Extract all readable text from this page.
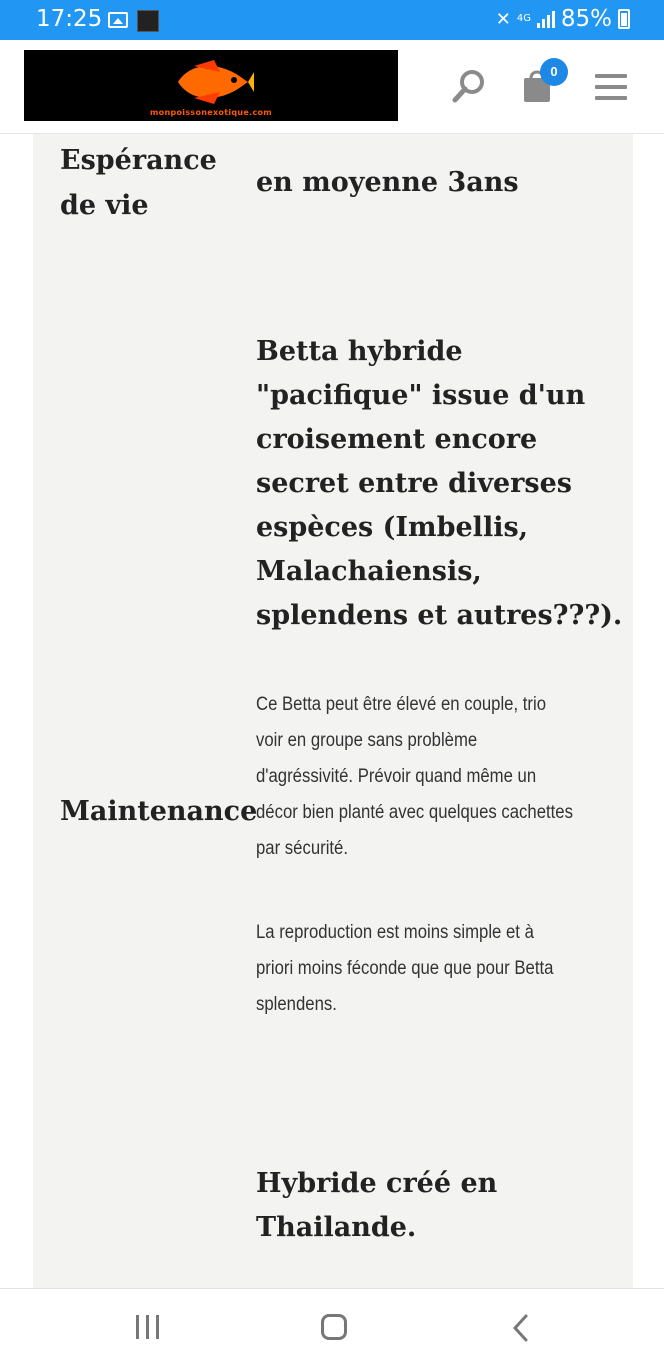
17:25	✕ 4G 85%
monpoissonexotique.com
0
Espérance
de vie
en moyenne 3ans
Betta hybride
"pacifique" issue d'un
croisement encore
secret entre diverses
espèces (Imbellis,
Malachaiensis,
splendens et autres???).
Maintenance
Ce Betta peut être élevé en couple, trio
voir en groupe sans problème
d'agréssivité. Prévoir quand même un
décor bien planté avec quelques cachettes
par sécurité.
La reproduction est moins simple et à
priori moins féconde que que pour Betta
splendens.
Hybride créé en
Thailande.
